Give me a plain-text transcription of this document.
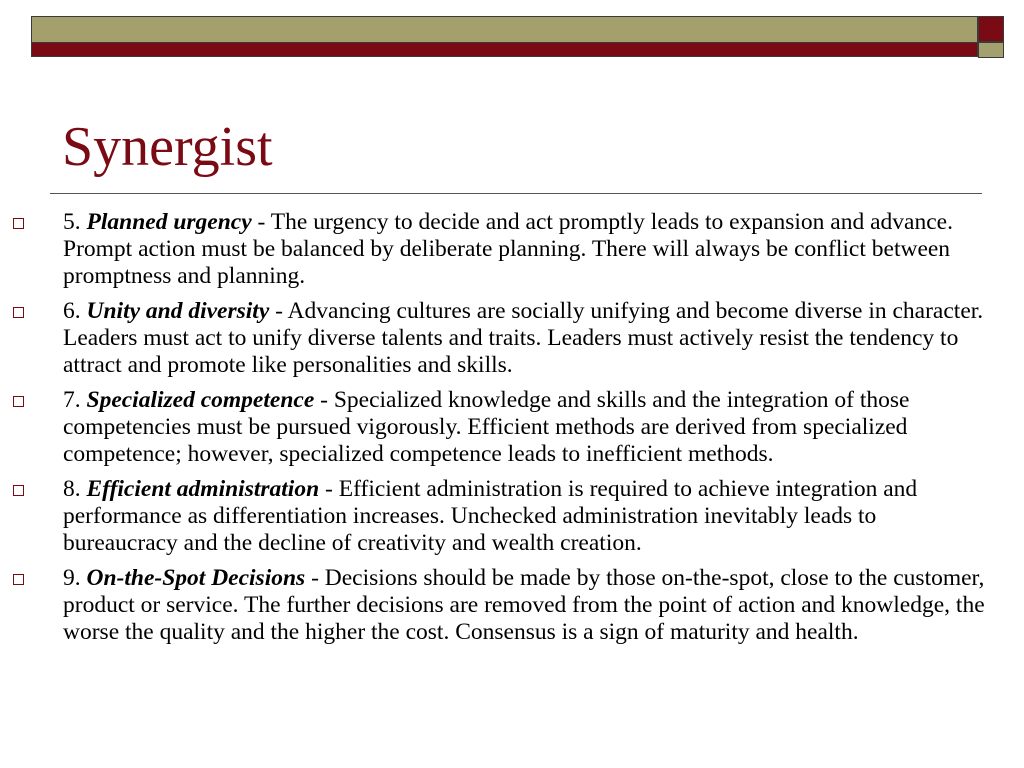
Synergist
5. Planned urgency - The urgency to decide and act promptly leads to expansion and advance. Prompt action must be balanced by deliberate planning. There will always be conflict between promptness and planning.
6. Unity and diversity - Advancing cultures are socially unifying and become diverse in character. Leaders must act to unify diverse talents and traits. Leaders must actively resist the tendency to attract and promote like personalities and skills.
7. Specialized competence - Specialized knowledge and skills and the integration of those competencies must be pursued vigorously. Efficient methods are derived from specialized competence; however, specialized competence leads to inefficient methods.
8. Efficient administration - Efficient administration is required to achieve integration and performance as differentiation increases. Unchecked administration inevitably leads to bureaucracy and the decline of creativity and wealth creation.
9. On-the-Spot Decisions - Decisions should be made by those on-the-spot, close to the customer, product or service. The further decisions are removed from the point of action and knowledge, the worse the quality and the higher the cost. Consensus is a sign of maturity and health.
